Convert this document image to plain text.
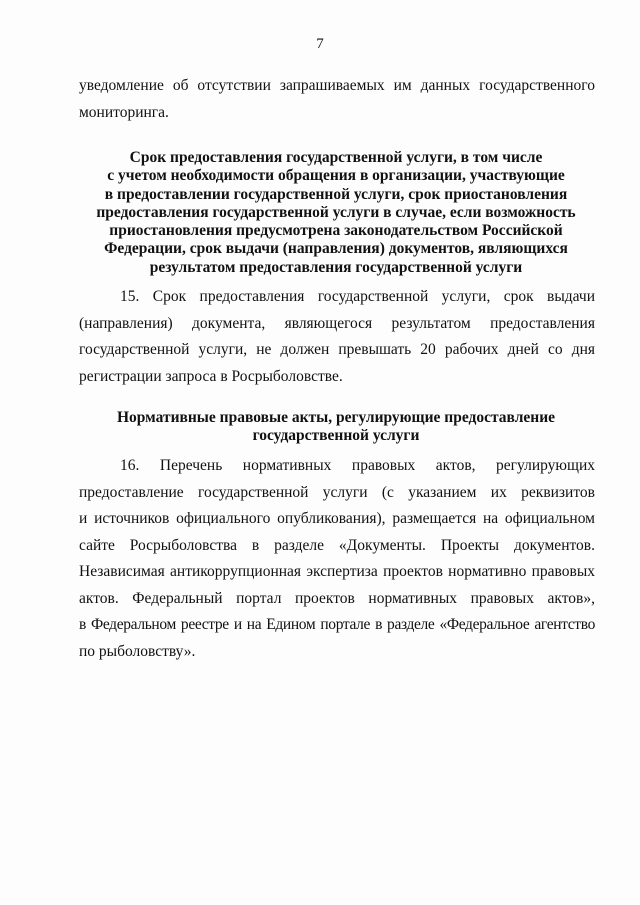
7
уведомление об отсутствии запрашиваемых им данных государственного
мониторинга.
Срок предоставления государственной услуги, в том числе
с учетом необходимости обращения в организации, участвующие
в предоставлении государственной услуги, срок приостановления
предоставления государственной услуги в случае, если возможность
приостановления предусмотрена законодательством Российской
Федерации, срок выдачи (направления) документов, являющихся
результатом предоставления государственной услуги
15. Срок предоставления государственной услуги, срок выдачи
(направления) документа, являющегося результатом предоставления
государственной услуги, не должен превышать 20 рабочих дней со дня
регистрации запроса в Росрыболовстве.
Нормативные правовые акты, регулирующие предоставление
государственной услуги
16. Перечень нормативных правовых актов, регулирующих
предоставление государственной услуги (с указанием их реквизитов
и источников официального опубликования), размещается на официальном
сайте Росрыболовства в разделе «Документы. Проекты документов.
Независимая антикоррупционная экспертиза проектов нормативно правовых
актов. Федеральный портал проектов нормативных правовых актов»,
в Федеральном реестре и на Едином портале в разделе «Федеральное агентство
по рыболовству».
